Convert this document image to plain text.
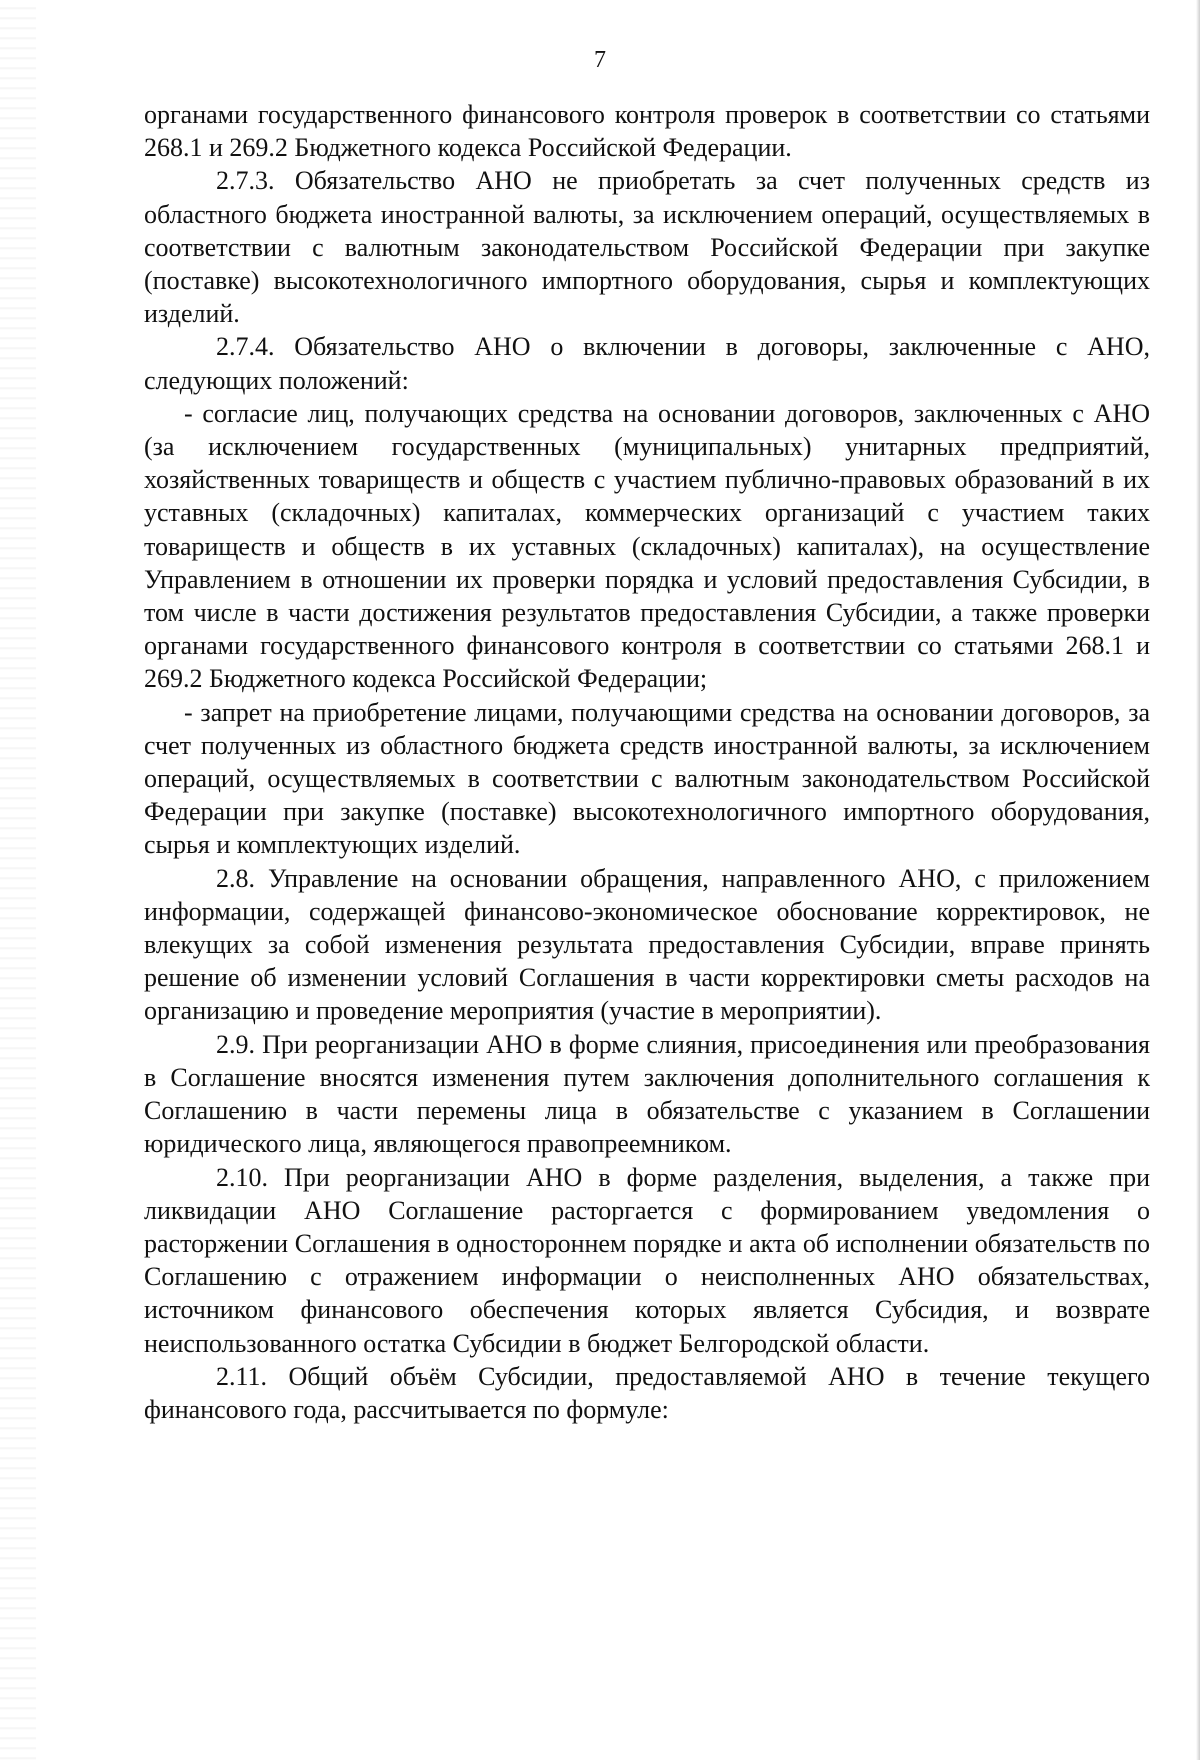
7

органами государственного финансового контроля проверок в соответствии со статьями 268.1 и 269.2 Бюджетного кодекса Российской Федерации.

2.7.3. Обязательство АНО не приобретать за счет полученных средств из областного бюджета иностранной валюты, за исключением операций, осуществляемых в соответствии с валютным законодательством Российской Федерации при закупке (поставке) высокотехнологичного импортного оборудования, сырья и комплектующих изделий.

2.7.4. Обязательство АНО о включении в договоры, заключенные с АНО, следующих положений:

- согласие лиц, получающих средства на основании договоров, заключенных с АНО (за исключением государственных (муниципальных) унитарных предприятий, хозяйственных товариществ и обществ с участием публично-правовых образований в их уставных (складочных) капиталах, коммерческих организаций с участием таких товариществ и обществ в их уставных (складочных) капиталах), на осуществление Управлением в отношении их проверки порядка и условий предоставления Субсидии, в том числе в части достижения результатов предоставления Субсидии, а также проверки органами государственного финансового контроля в соответствии со статьями 268.1 и 269.2 Бюджетного кодекса Российской Федерации;

- запрет на приобретение лицами, получающими средства на основании договоров, за счет полученных из областного бюджета средств иностранной валюты, за исключением операций, осуществляемых в соответствии с валютным законодательством Российской Федерации при закупке (поставке) высокотехнологичного импортного оборудования, сырья и комплектующих изделий.

2.8. Управление на основании обращения, направленного АНО, с приложением информации, содержащей финансово-экономическое обоснование корректировок, не влекущих за собой изменения результата предоставления Субсидии, вправе принять решение об изменении условий Соглашения в части корректировки сметы расходов на организацию и проведение мероприятия (участие в мероприятии).

2.9. При реорганизации АНО в форме слияния, присоединения или преобразования в Соглашение вносятся изменения путем заключения дополнительного соглашения к Соглашению в части перемены лица в обязательстве с указанием в Соглашении юридического лица, являющегося правопреемником.

2.10. При реорганизации АНО в форме разделения, выделения, а также при ликвидации АНО Соглашение расторгается с формированием уведомления о расторжении Соглашения в одностороннем порядке и акта об исполнении обязательств по Соглашению с отражением информации о неисполненных АНО обязательствах, источником финансового обеспечения которых является Субсидия, и возврате неиспользованного остатка Субсидии в бюджет Белгородской области.

2.11. Общий объём Субсидии, предоставляемой АНО в течение текущего финансового года, рассчитывается по формуле:
